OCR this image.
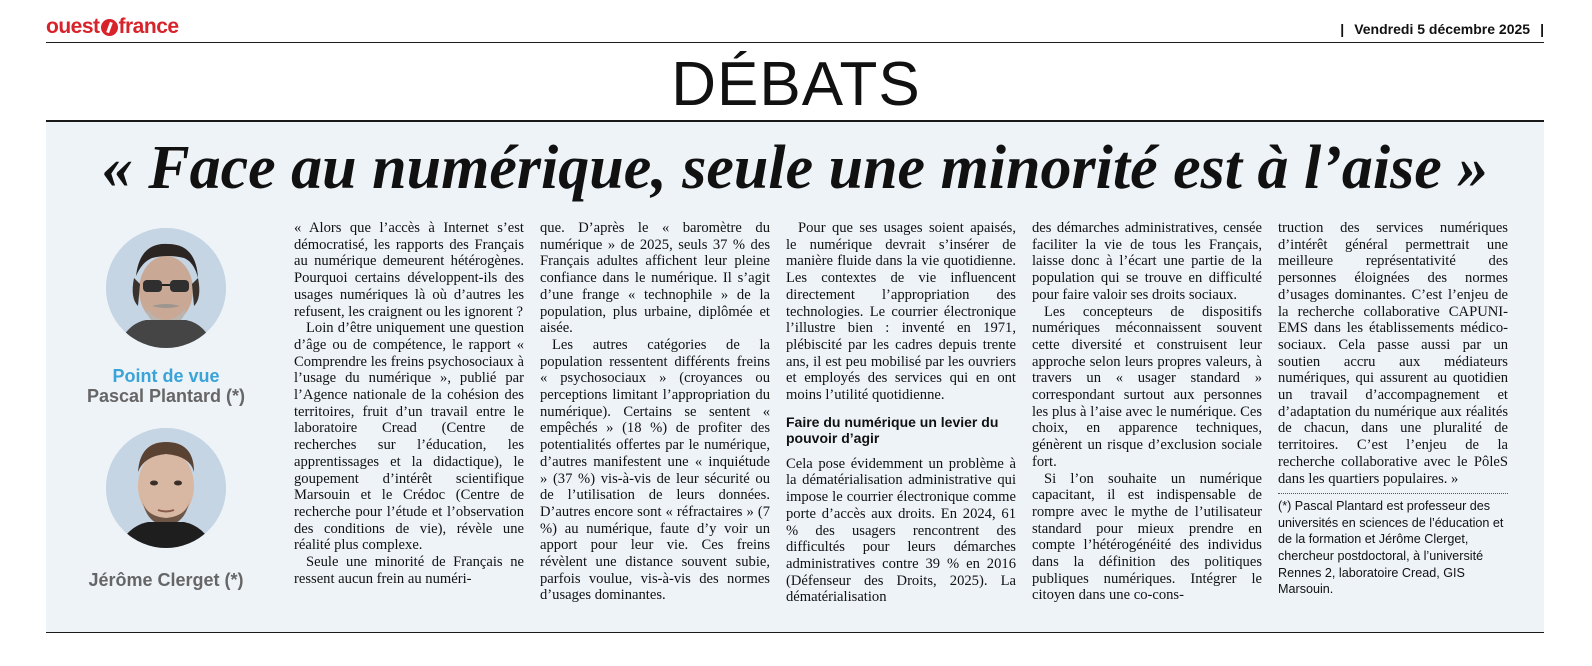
ouest france	| Vendredi 5 décembre 2025 |
DÉBATS
« Face au numérique, seule une minorité est à l’aise »
Point de vue
Pascal Plantard (*)
Jérôme Clerget (*)

« Alors que l’accès à Internet s’est démocratisé, les rapports des Français au numérique demeurent hétérogènes. Pourquoi certains développent-ils des usages numériques là où d’autres les refusent, les craignent ou les ignorent ?

Loin d’être uniquement une question d’âge ou de compétence, le rapport « Comprendre les freins psychosociaux à l’usage du numérique », publié par l’Agence nationale de la cohésion des territoires, fruit d’un travail entre le laboratoire Cread (Centre de recherches sur l’éducation, les apprentissages et la didactique), le goupement d’intérêt scientifique Marsouin et le Crédoc (Centre de recherche pour l’étude et l’observation des conditions de vie), révèle une réalité plus complexe.

Seule une minorité de Français ne ressent aucun frein au numéri-

que. D’après le « baromètre du numérique » de 2025, seuls 37 % des Français adultes affichent leur pleine confiance dans le numérique. Il s’agit d’une frange « technophile » de la population, plus urbaine, diplômée et aisée.

Les autres catégories de la population ressentent différents freins « psychosociaux » (croyances ou perceptions limitant l’appropriation du numérique). Certains se sentent « empêchés » (18 %) de profiter des potentialités offertes par le numérique, d’autres manifestent une « inquiétude » (37 %) vis-à-vis de leur sécurité ou de l’utilisation de leurs données. D’autres encore sont « réfractaires » (7 %) au numérique, faute d’y voir un apport pour leur vie. Ces freins révèlent une distance souvent subie, parfois voulue, vis-à-vis des normes d’usages dominantes.

Pour que ses usages soient apaisés, le numérique devrait s’insérer de manière fluide dans la vie quotidienne. Les contextes de vie influencent directement l’appropriation des technologies. Le courrier électronique l’illustre bien : inventé en 1971, plébiscité par les cadres depuis trente ans, il est peu mobilisé par les ouvriers et employés des services qui en ont moins l’utilité quotidienne.

Faire du numérique un levier du pouvoir d’agir

Cela pose évidemment un problème à la dématérialisation administrative qui impose le courrier électronique comme porte d’accès aux droits. En 2024, 61 % des usagers rencontrent des difficultés pour leurs démarches administratives contre 39 % en 2016 (Défenseur des Droits, 2025). La dématérialisation

des démarches administratives, censée faciliter la vie de tous les Français, laisse donc à l’écart une partie de la population qui se trouve en difficulté pour faire valoir ses droits sociaux.

Les concepteurs de dispositifs numériques méconnaissent souvent cette diversité et construisent leur approche selon leurs propres valeurs, à travers un « usager standard » correspondant surtout aux personnes les plus à l’aise avec le numérique. Ces choix, en apparence techniques, génèrent un risque d’exclusion sociale fort.

Si l’on souhaite un numérique capacitant, il est indispensable de rompre avec le mythe de l’utilisateur standard pour mieux prendre en compte l’hétérogénéité des individus dans la définition des politiques publiques numériques. Intégrer le citoyen dans une co-cons-

truction des services numériques d’intérêt général permettrait une meilleure représentativité des personnes éloignées des normes d’usages dominantes. C’est l’enjeu de la recherche collaborative CAPUNI-EMS dans les établissements médico-sociaux. Cela passe aussi par un soutien accru aux médiateurs numériques, qui assurent au quotidien un travail d’accompagnement et d’adaptation du numérique aux réalités de chacun, dans une pluralité de territoires. C’est l’enjeu de la recherche collaborative avec le PôleS dans les quartiers populaires. »

(*) Pascal Plantard est professeur des universités en sciences de l’éducation et de la formation et Jérôme Clerget, chercheur postdoctoral, à l’université Rennes 2, laboratoire Cread, GIS Marsouin.
